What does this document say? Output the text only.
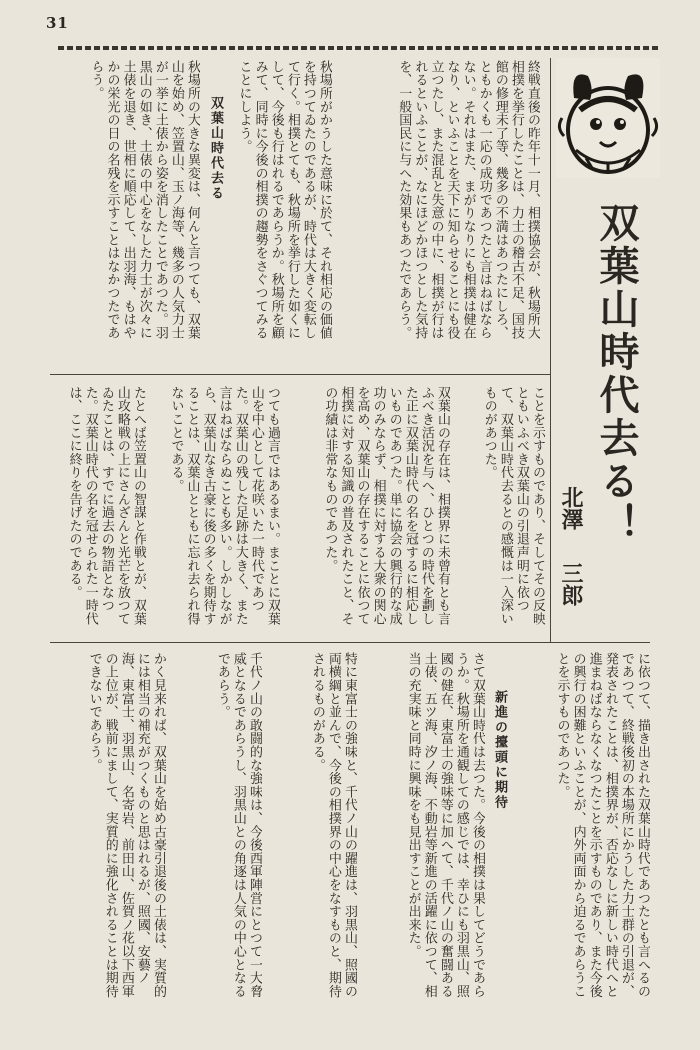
31
双葉山時代去る！
北澤
三郎
終戦直後の昨年十一月、相撲協会が、秋場所大相撲を挙行したことは、力士の稽古不足、国技館の修理未了等、幾多の不満はあつたにしろ、ともかくも一応の成功であつたと言はねばならない。それはまた、まがりなりにも相撲は健在なり、といふことを天下に知らせることにも役立つたし、また混乱と失意の中に、相撲が行はれるといふことが、なにほどかほつとした気持を、一般国民に与へた効果もあつたであらう。
秋場所がかうした意味に於て、それ相応の価値を持つてゐたのであるが、時代は大きく変転して行く。相撲とても、秋場所を挙行した如くにして、今後も行はれるであらうか。秋場所を顧みて、同時に今後の相撲の趨勢をさぐつてみることにしよう。
双葉山時代去る
秋場所の大きな異変は、何んと言つても、双葉山を始め、笠置山、玉ノ海等、幾多の人気力士が一挙に土俵から姿を消したことであつた。羽黒山の如き、土俵の中心をなした力士が次々に土俵を退き、世相に順応して、出羽海、もはやかの栄光の日の名残を示すことはなかつたであらう。
ことを示すものであり、そしてその反映ともいふべき双葉山の引退声明に依つて、双葉山時代去るとの感慨は一入深いものがあつた。
双葉山の存在は、相撲界に未曾有とも言ふべき活況を与へ、ひとつの時代を劃した正に双葉山時代の名を冠するに相応しいものであつた。単に協会の興行的な成功のみならず、相撲に対する大衆の関心を高め、双葉山の存在することに依つて相撲に対する知識の普及されたこと、その功績は非常なものであつた。
つても過言ではあるまい。まことに双葉山を中心として花咲いた一時代であつた。双葉山の残した足跡は大きく、また言はねばならぬことも多い。しかしながら、双葉山なき古豪に後の多くを期待することは、双葉山とともに忘れ去られ得ないことである。
たとへば笠置山の智謀と作戦とが、双葉山攻略戦の上にさんざんと光芒を放つてゐたことは、すでに過去の物語となつた。双葉山時代の名を冠せられた一時代は、ここに終りを告げたのである。
に依つて、描き出された双葉山時代であつたとも言へるのであつて、終戦後初の本場所にかうした力士群の引退が、発表されたことは、相撲界が、否応なしに新しい時代へと進まねばならなくなつたことを示すものであり、また今後の興行の困難といふことが、内外両面から迫るであらうことを示すものであつた。
新進の擡頭に期待
さて双葉山時代は去つた。今後の相撲は果してどうであらうか。秋場所を通観しての感じでは、幸ひにも羽黒山、照國の健在、東富士の強味等に加へて、千代ノ山の奮闘ある土俵、五ツ海、汐ノ海、不動岩等新進の活躍に依つて、相当の充実味と同時に興味をも見出すことが出来た。
特に東富士の強味と、千代ノ山の躍進は、羽黒山、照國の両横綱と並んで、今後の相撲界の中心をなすものと、期待されるものがある。
千代ノ山の敢闘的な強味は、今後西軍陣営にとつて一大脅威となるであらうし、羽黒山との角逐は人気の中心となるであらう。
かく見来れば、双葉山を始め古豪引退後の土俵は、実質的には相当の補充がつくものと思はれるが、照國、安藝ノ海、東富士、羽黒山、名寄岩、前田山、佐賀ノ花以下西軍の上位が、戦前にまして、実質的に強化されることは期待できないであらう。
